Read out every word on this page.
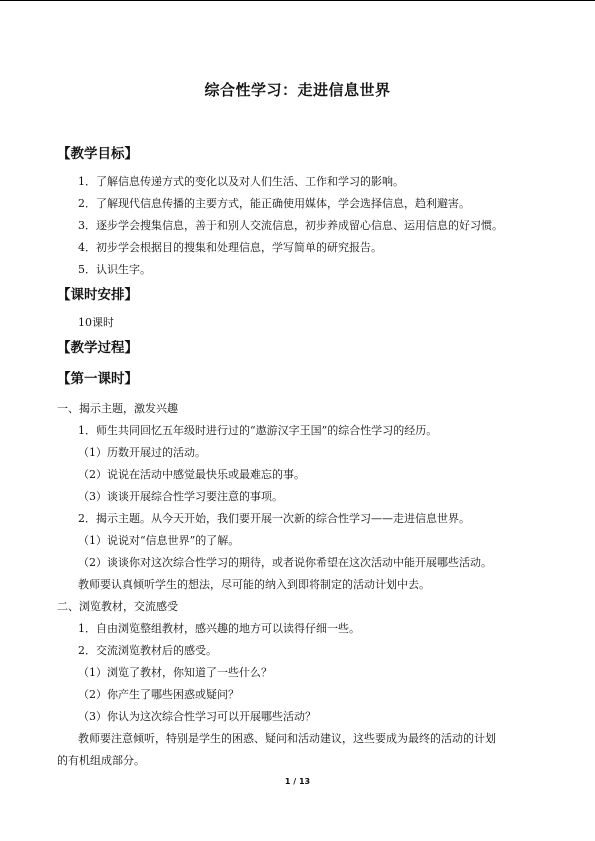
综合性学习：走进信息世界
【教学目标】
1．了解信息传递方式的变化以及对人们生活、工作和学习的影响。
2．了解现代信息传播的主要方式，能正确使用媒体，学会选择信息，趋利避害。
3．逐步学会搜集信息，善于和别人交流信息，初步养成留心信息、运用信息的好习惯。
4．初步学会根据目的搜集和处理信息，学写简单的研究报告。
5．认识生字。
【课时安排】
10课时
【教学过程】
【第一课时】
一、揭示主题，激发兴趣
1．师生共同回忆五年级时进行过的“遨游汉字王国”的综合性学习的经历。
（1）历数开展过的活动。
（2）说说在活动中感觉最快乐或最难忘的事。
（3）谈谈开展综合性学习要注意的事项。
2．揭示主题。从今天开始，我们要开展一次新的综合性学习——走进信息世界。
（1）说说对“信息世界”的了解。
（2）谈谈你对这次综合性学习的期待，或者说你希望在这次活动中能开展哪些活动。
教师要认真倾听学生的想法，尽可能的纳入到即将制定的活动计划中去。
二、浏览教材，交流感受
1．自由浏览整组教材，感兴趣的地方可以读得仔细一些。
2．交流浏览教材后的感受。
（1）浏览了教材，你知道了一些什么？
（2）你产生了哪些困惑或疑问？
（3）你认为这次综合性学习可以开展哪些活动？
教师要注意倾听，特别是学生的困惑、疑问和活动建议，这些要成为最终的活动的计划
的有机组成部分。
1 / 13
